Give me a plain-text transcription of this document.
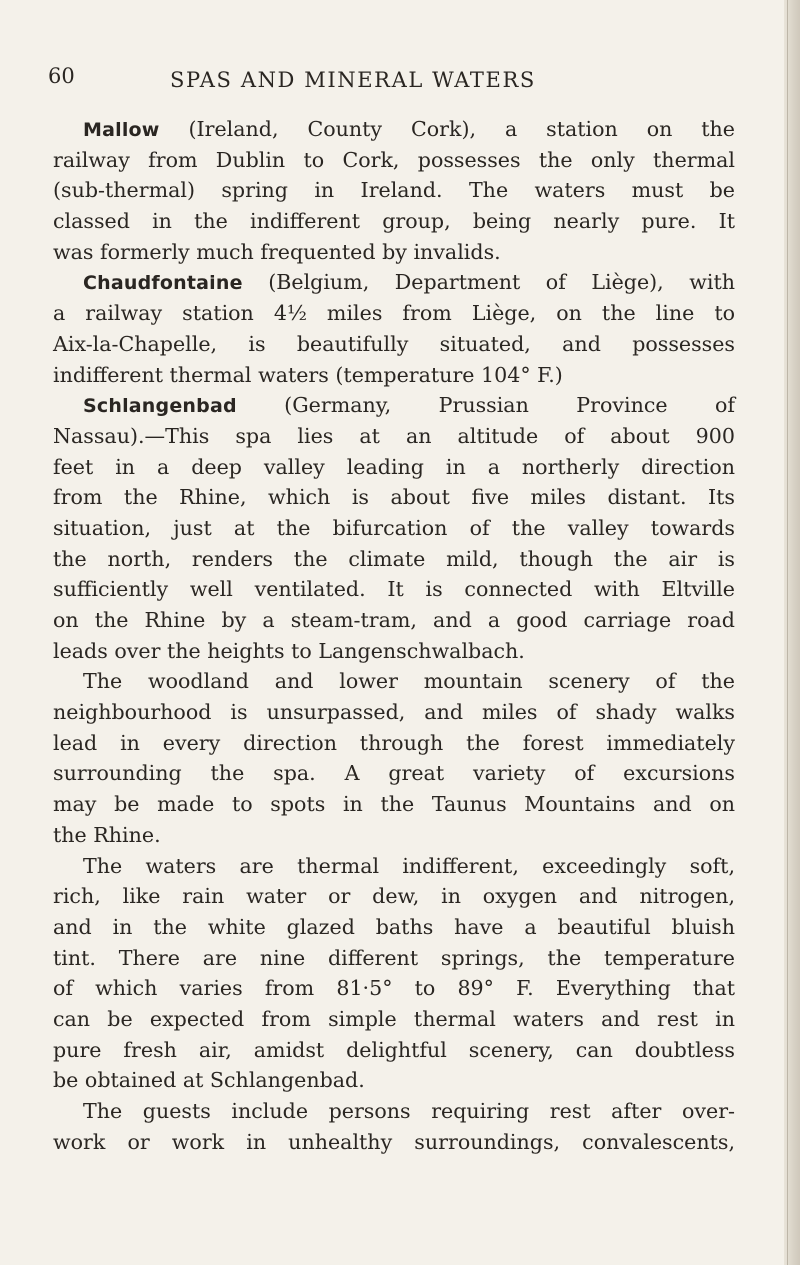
60	SPAS AND MINERAL WATERS
Mallow (Ireland, County Cork), a station on the
railway from Dublin to Cork, possesses the only thermal
(sub-thermal) spring in Ireland. The waters must be
classed in the indifferent group, being nearly pure. It
was formerly much frequented by invalids.
Chaudfontaine (Belgium, Department of Liège), with
a railway station 4½ miles from Liège, on the line to
Aix-la-Chapelle, is beautifully situated, and possesses
indifferent thermal waters (temperature 104° F.)
Schlangenbad (Germany, Prussian Province of
Nassau).—This spa lies at an altitude of about 900
feet in a deep valley leading in a northerly direction
from the Rhine, which is about five miles distant. Its
situation, just at the bifurcation of the valley towards
the north, renders the climate mild, though the air is
sufficiently well ventilated. It is connected with Eltville
on the Rhine by a steam-tram, and a good carriage road
leads over the heights to Langenschwalbach.
The woodland and lower mountain scenery of the
neighbourhood is unsurpassed, and miles of shady walks
lead in every direction through the forest immediately
surrounding the spa. A great variety of excursions
may be made to spots in the Taunus Mountains and on
the Rhine.
The waters are thermal indifferent, exceedingly soft,
rich, like rain water or dew, in oxygen and nitrogen,
and in the white glazed baths have a beautiful bluish
tint. There are nine different springs, the temperature
of which varies from 81·5° to 89° F. Everything that
can be expected from simple thermal waters and rest in
pure fresh air, amidst delightful scenery, can doubtless
be obtained at Schlangenbad.
The guests include persons requiring rest after over-
work or work in unhealthy surroundings, convalescents,
